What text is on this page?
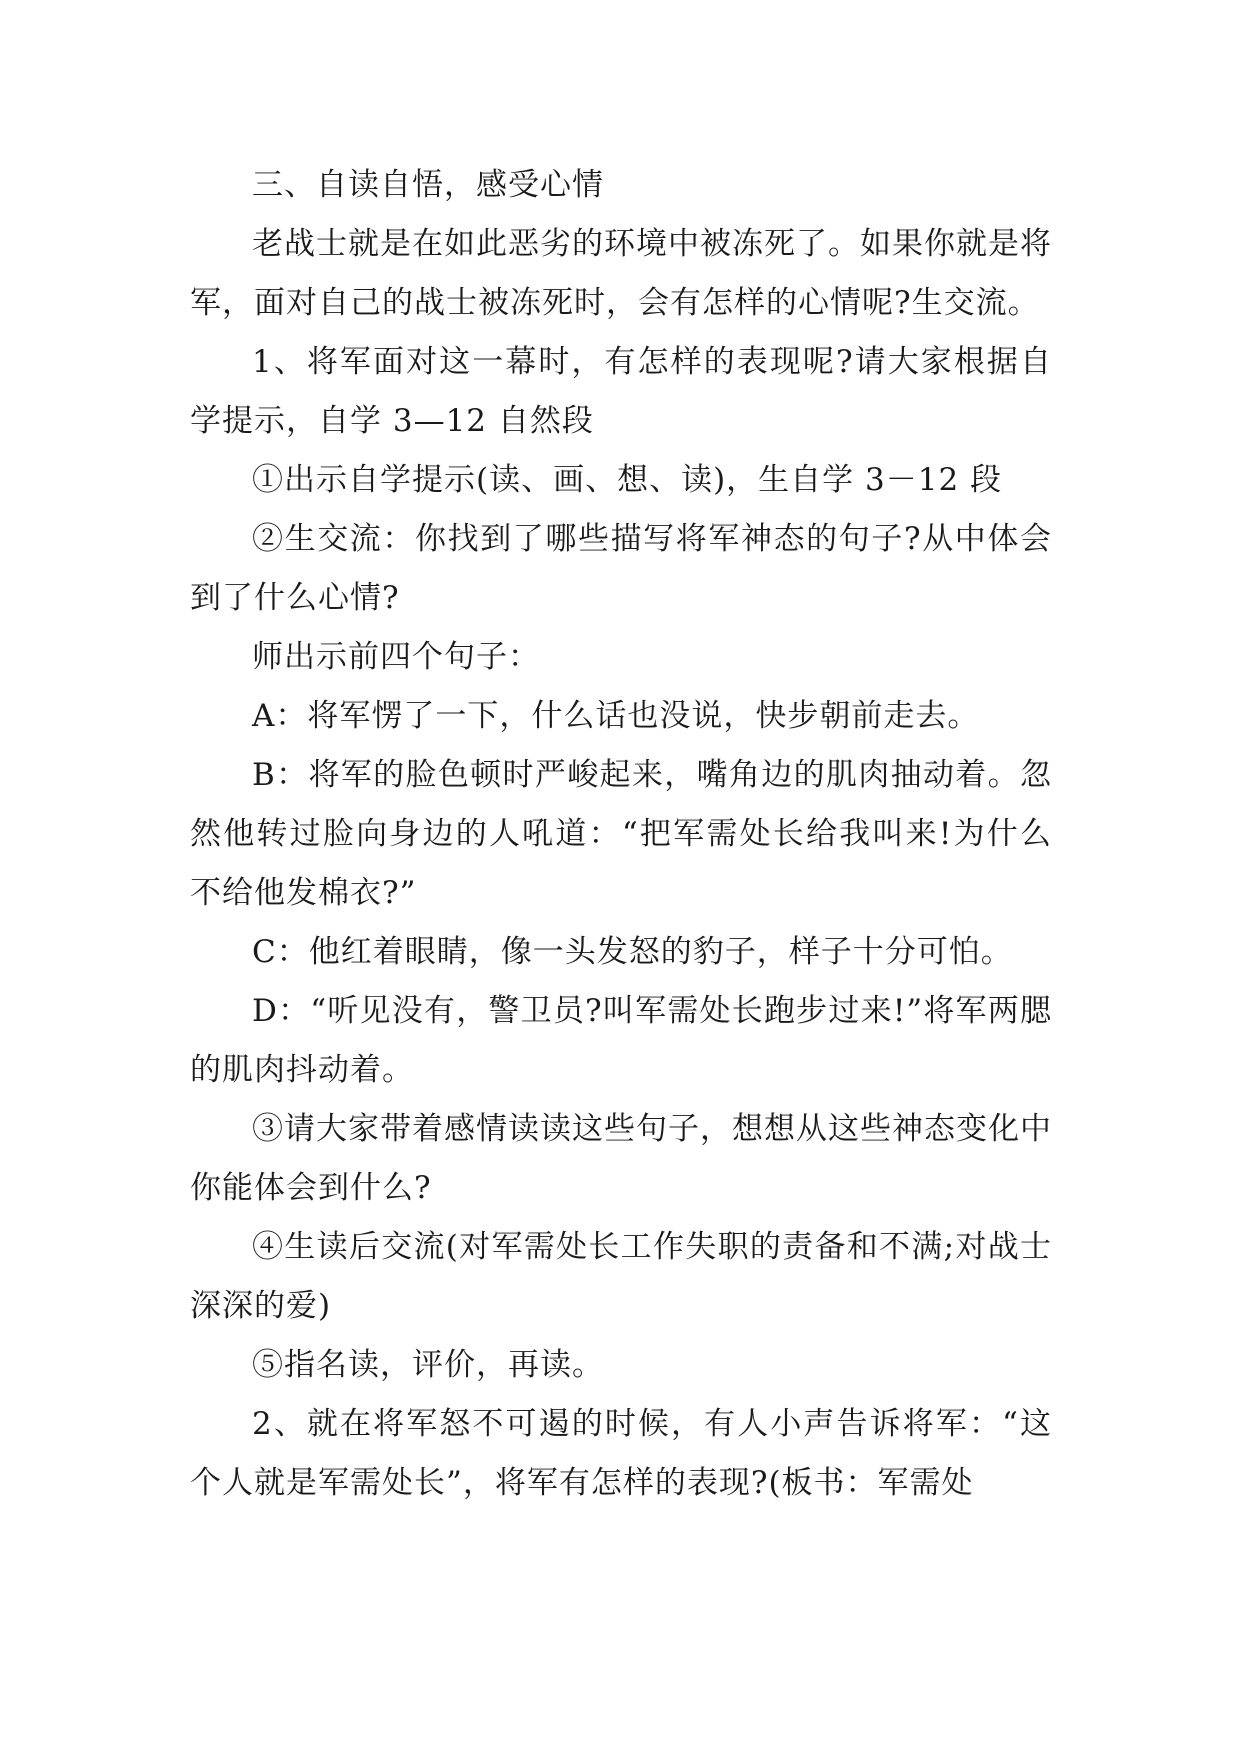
三、自读自悟，感受心情

老战士就是在如此恶劣的环境中被冻死了。如果你就是将军，面对自己的战士被冻死时，会有怎样的心情呢?生交流。

1、将军面对这一幕时，有怎样的表现呢?请大家根据自学提示，自学 3—12 自然段

①出示自学提示(读、画、想、读)，生自学 3－12 段

②生交流：你找到了哪些描写将军神态的句子?从中体会到了什么心情?

师出示前四个句子：

A：将军愣了一下，什么话也没说，快步朝前走去。

B：将军的脸色顿时严峻起来，嘴角边的肌肉抽动着。忽然他转过脸向身边的人吼道：“把军需处长给我叫来!为什么不给他发棉衣?”

C：他红着眼睛，像一头发怒的豹子，样子十分可怕。

D：“听见没有，警卫员?叫军需处长跑步过来!”将军两腮的肌肉抖动着。

③请大家带着感情读读这些句子，想想从这些神态变化中你能体会到什么?

④生读后交流(对军需处长工作失职的责备和不满;对战士深深的爱)

⑤指名读，评价，再读。

2、就在将军怒不可遏的时候，有人小声告诉将军：“这个人就是军需处长”，将军有怎样的表现?(板书：军需处
